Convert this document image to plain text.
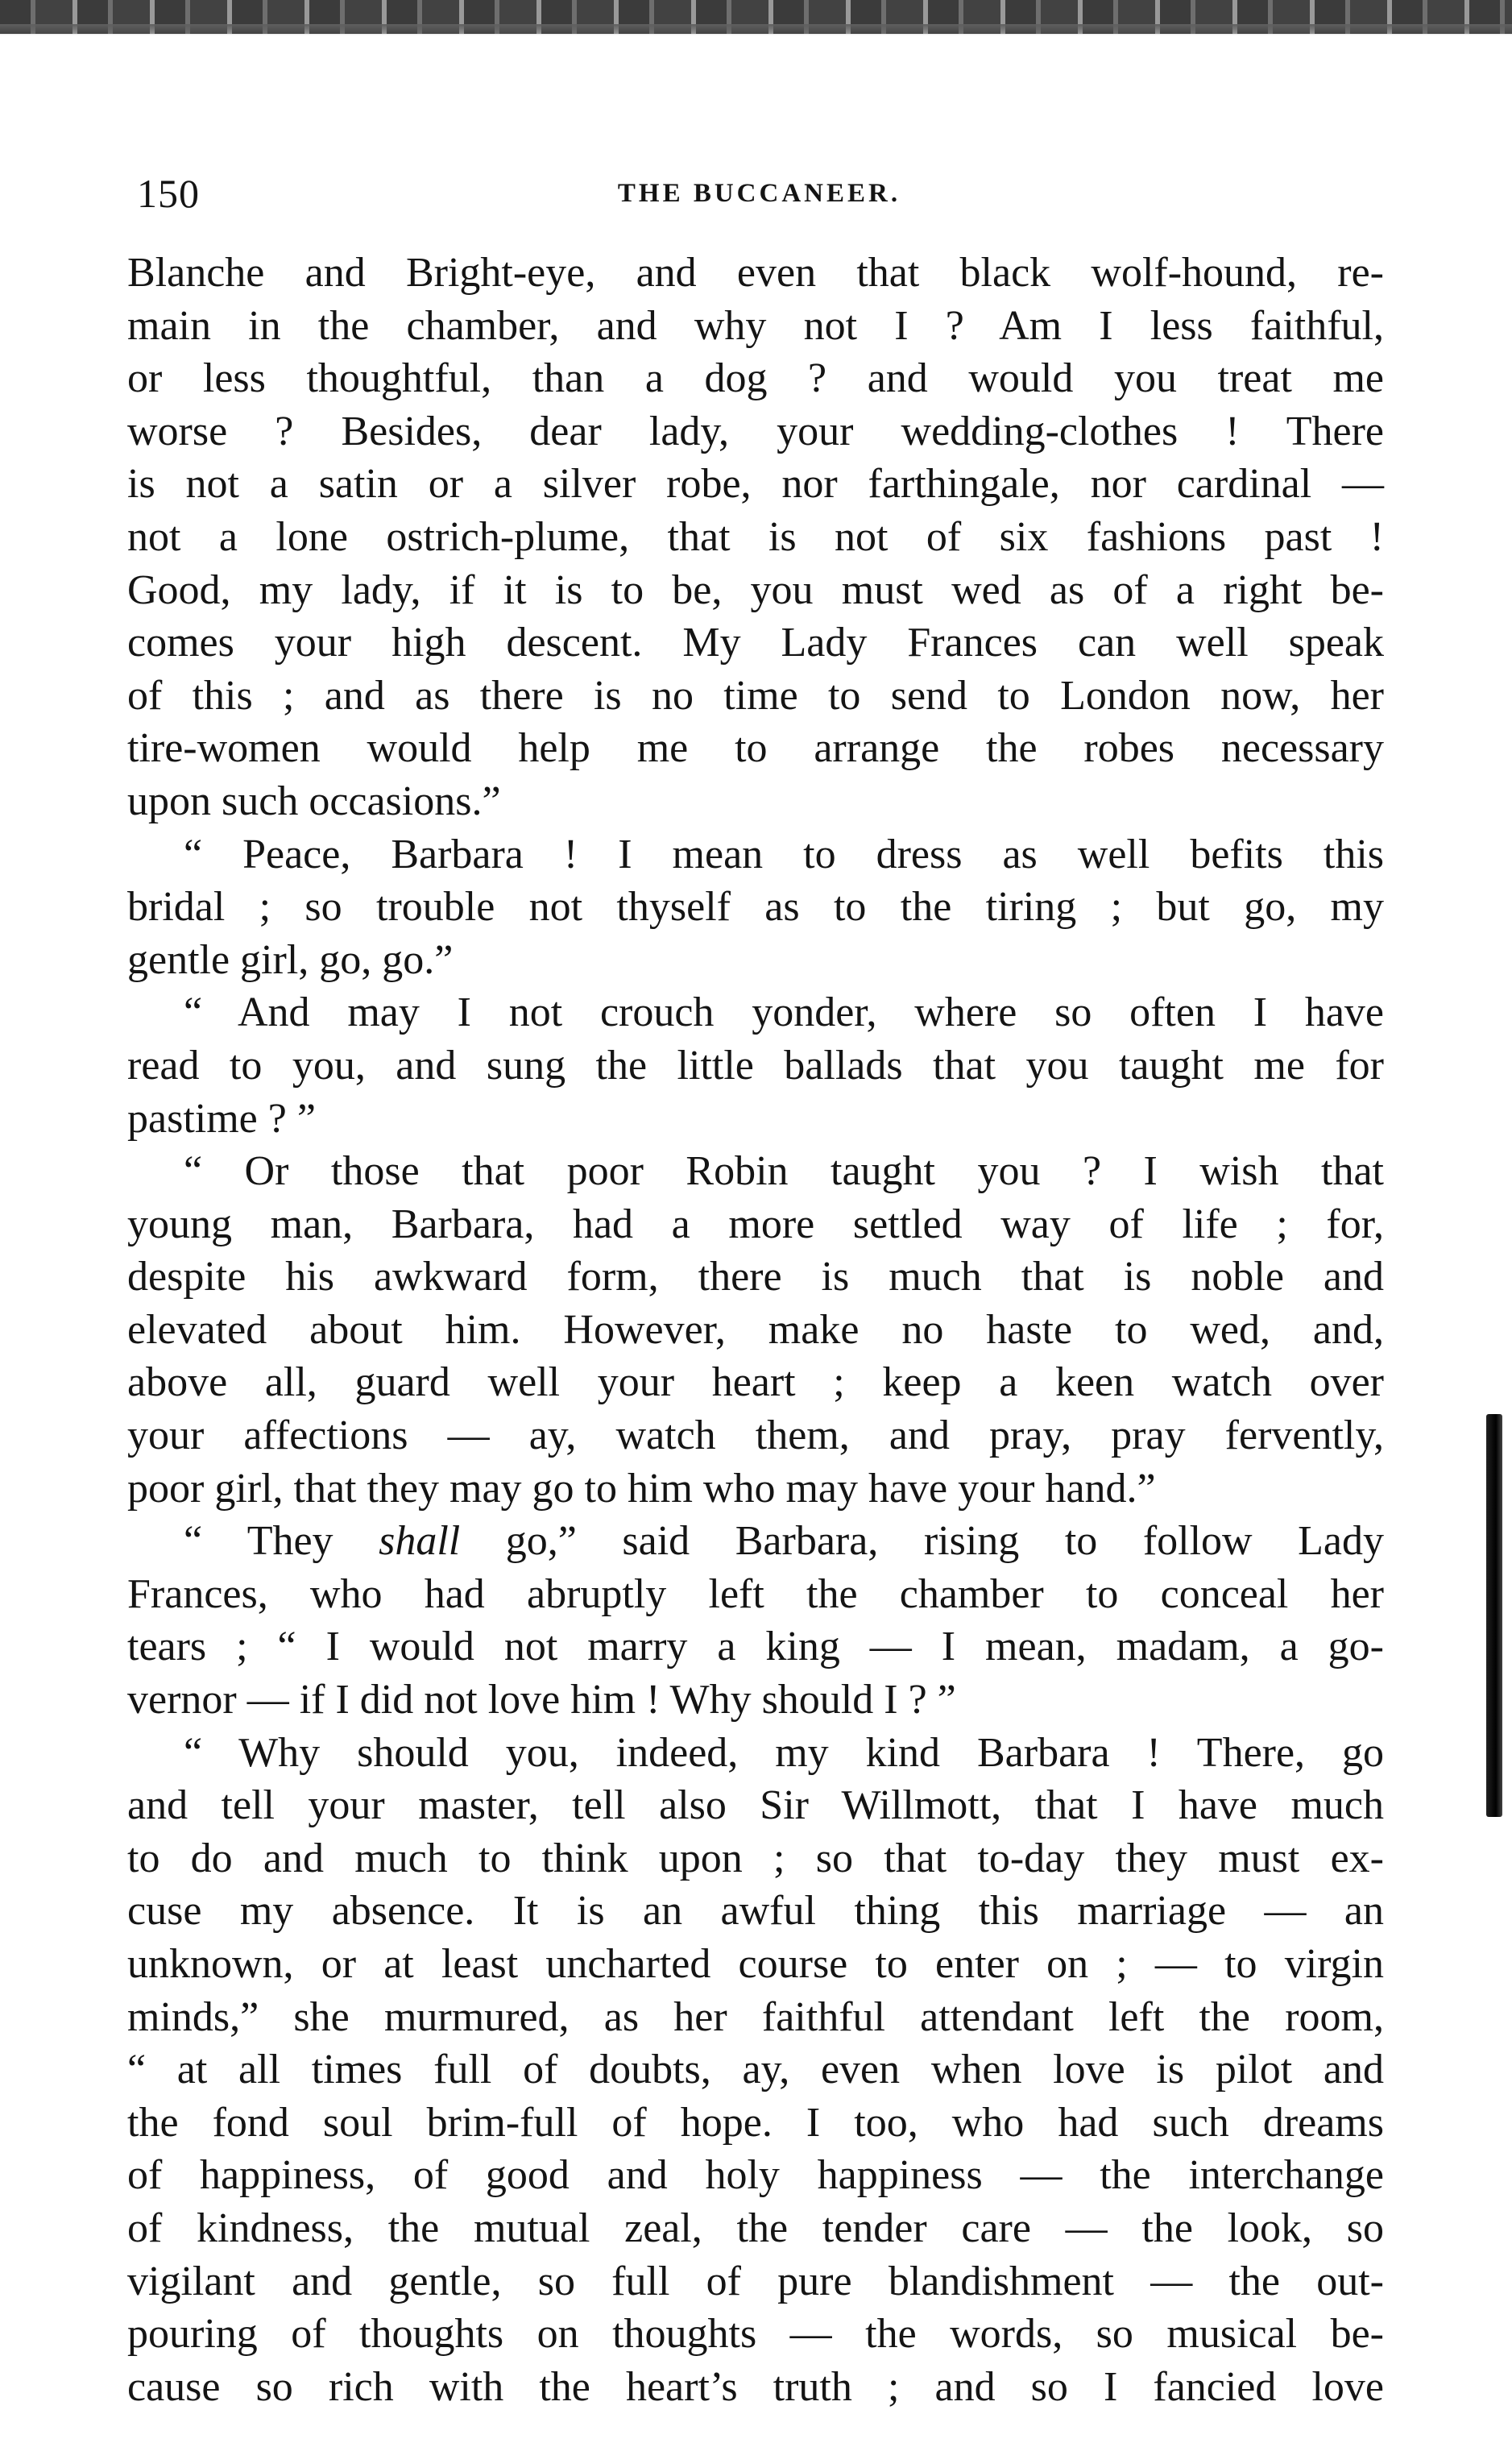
150	THE BUCCANEER.
Blanche and Bright-eye, and even that black wolf-hound, re-
main in the chamber, and why not I ? Am I less faithful,
or less thoughtful, than a dog ? and would you treat me
worse ? Besides, dear lady, your wedding-clothes ! There
is not a satin or a silver robe, nor farthingale, nor cardinal —
not a lone ostrich-plume, that is not of six fashions past !
Good, my lady, if it is to be, you must wed as of a right be-
comes your high descent. My Lady Frances can well speak
of this ; and as there is no time to send to London now, her
tire-women would help me to arrange the robes necessary
upon such occasions.”
“ Peace, Barbara ! I mean to dress as well befits this
bridal ; so trouble not thyself as to the tiring ; but go, my
gentle girl, go, go.”
“ And may I not crouch yonder, where so often I have
read to you, and sung the little ballads that you taught me for
pastime ? ”
“ Or those that poor Robin taught you ? I wish that
young man, Barbara, had a more settled way of life ; for,
despite his awkward form, there is much that is noble and
elevated about him. However, make no haste to wed, and,
above all, guard well your heart ; keep a keen watch over
your affections — ay, watch them, and pray, pray fervently,
poor girl, that they may go to him who may have your hand.”
“ They shall go,” said Barbara, rising to follow Lady
Frances, who had abruptly left the chamber to conceal her
tears ; “ I would not marry a king — I mean, madam, a go-
vernor — if I did not love him ! Why should I ? ”
“ Why should you, indeed, my kind Barbara ! There, go
and tell your master, tell also Sir Willmott, that I have much
to do and much to think upon ; so that to-day they must ex-
cuse my absence. It is an awful thing this marriage — an
unknown, or at least uncharted course to enter on ; — to virgin
minds,” she murmured, as her faithful attendant left the room,
“ at all times full of doubts, ay, even when love is pilot and
the fond soul brim-full of hope. I too, who had such dreams
of happiness, of good and holy happiness — the interchange
of kindness, the mutual zeal, the tender care — the look, so
vigilant and gentle, so full of pure blandishment — the out-
pouring of thoughts on thoughts — the words, so musical be-
cause so rich with the heart’s truth ; and so I fancied love
